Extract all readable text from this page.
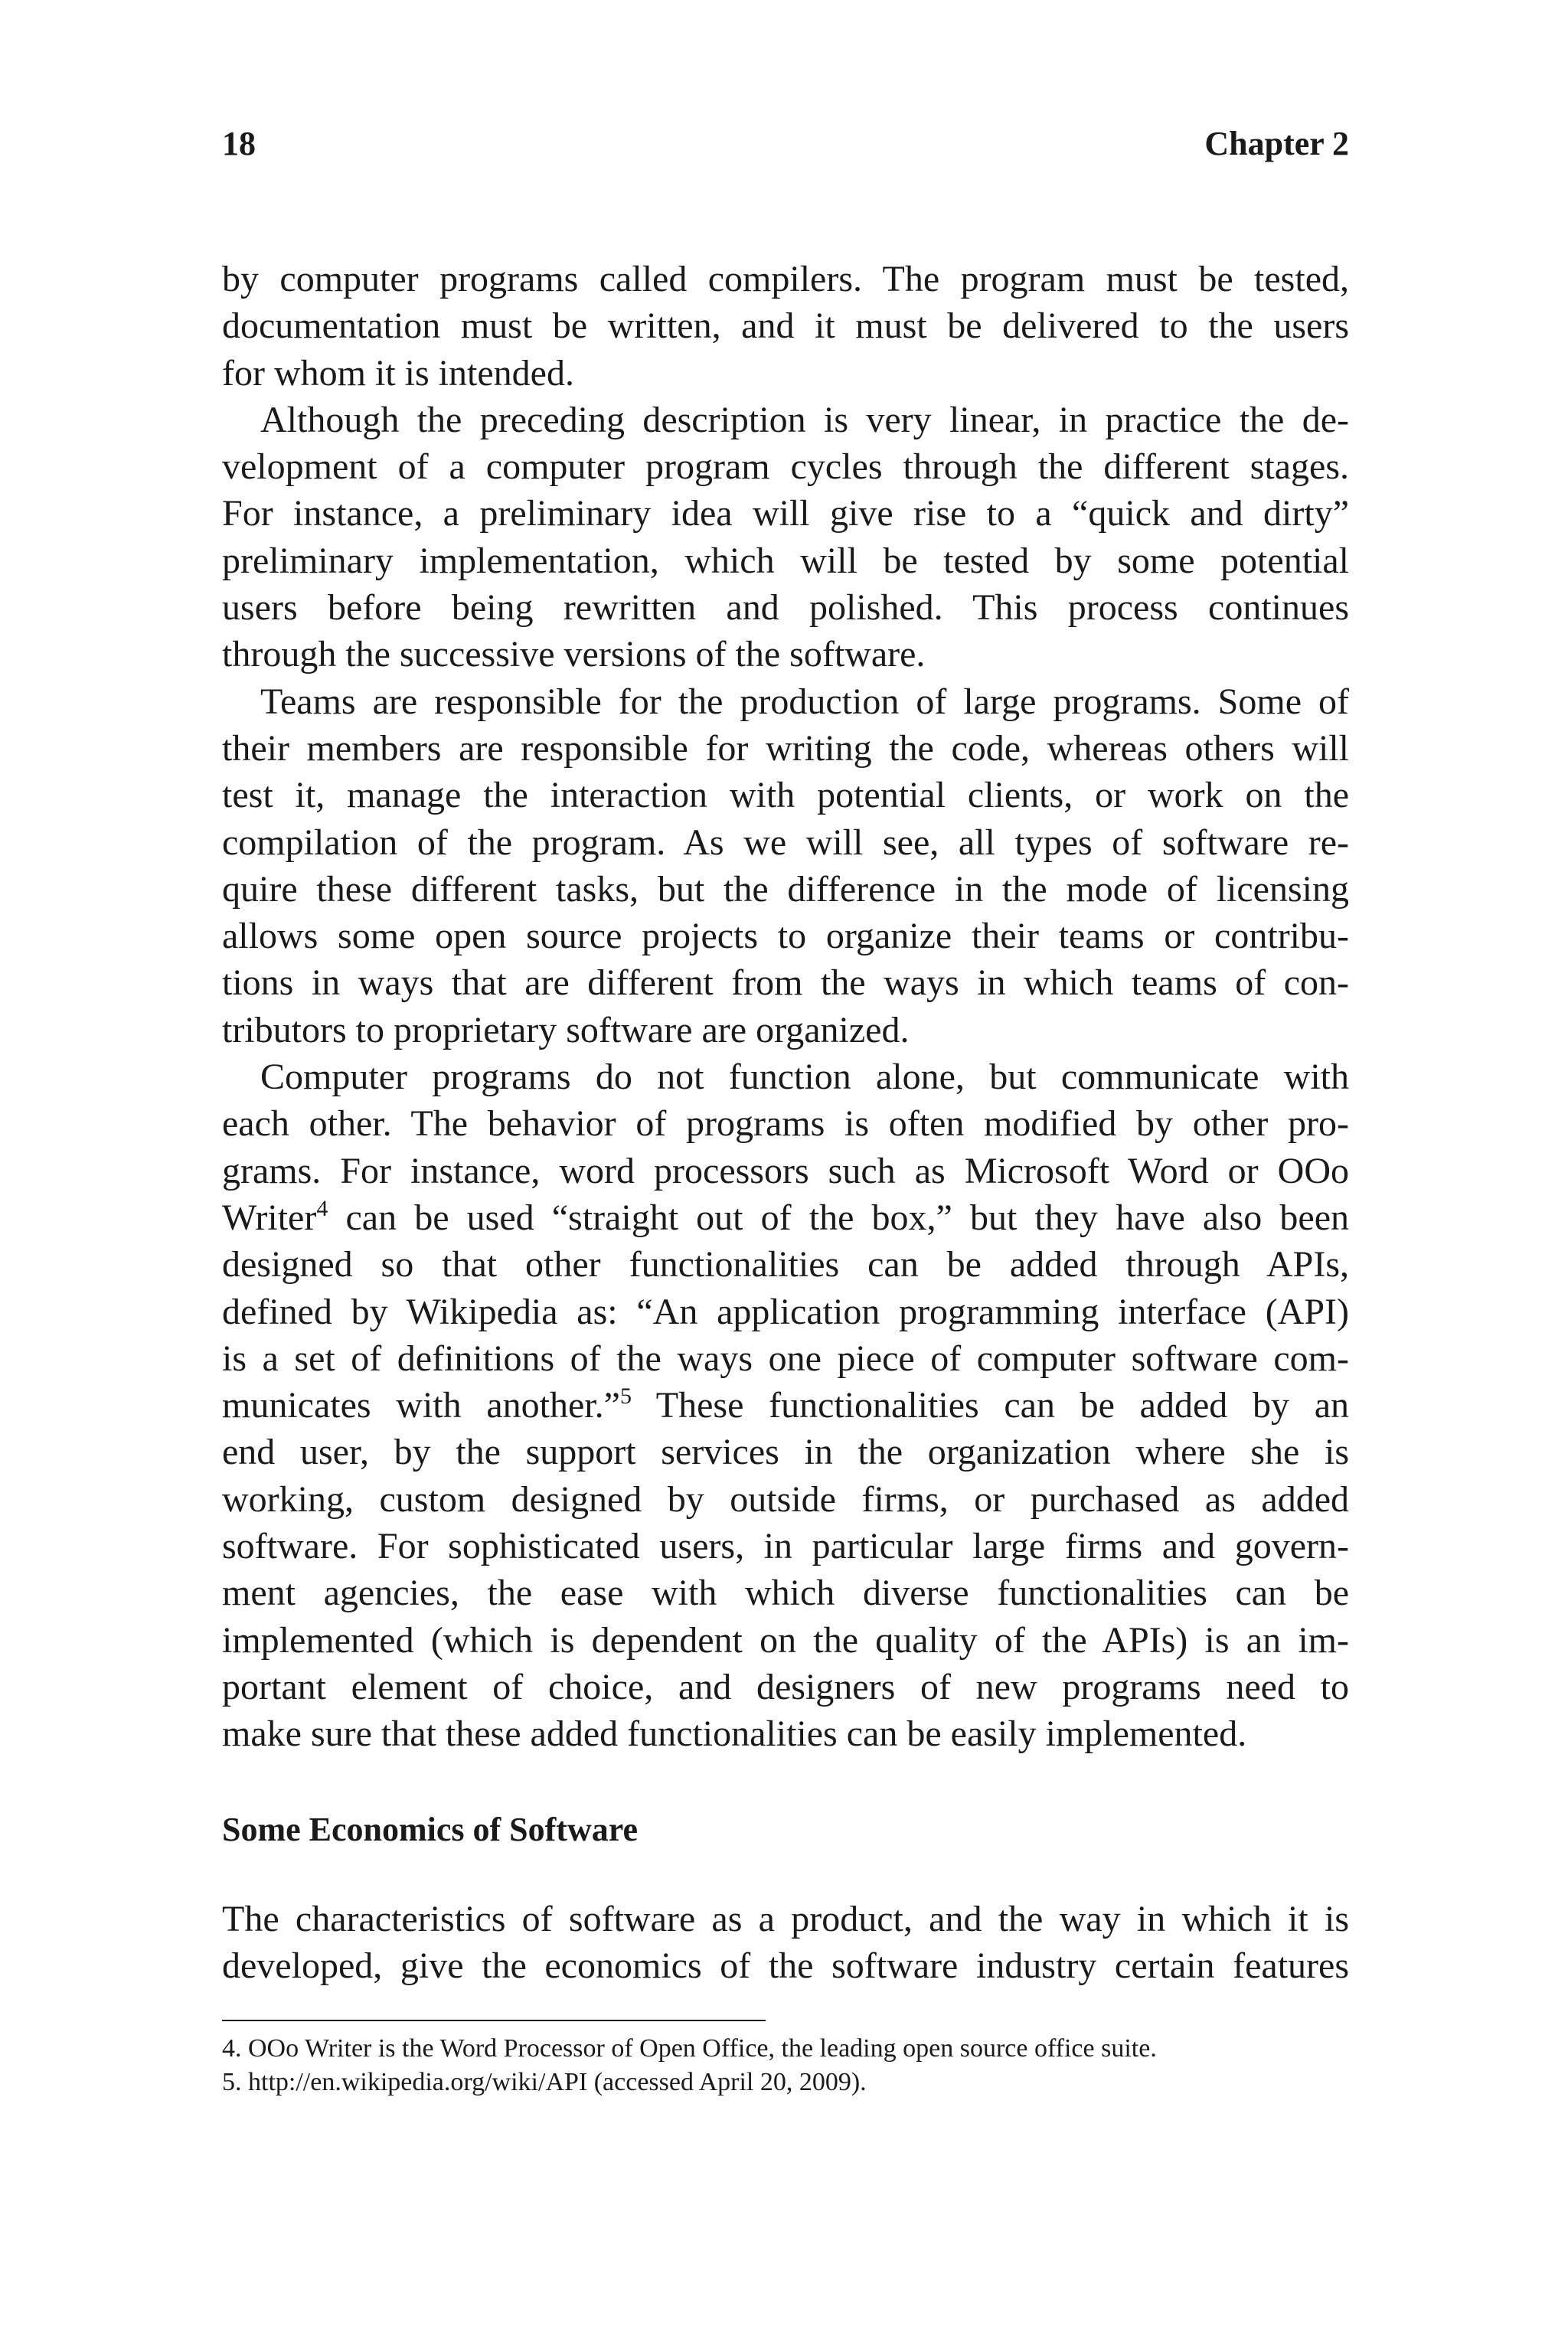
18	Chapter 2
by computer programs called compilers. The program must be tested,
documentation must be written, and it must be delivered to the users
for whom it is intended.
Although the preceding description is very linear, in practice the de-
velopment of a computer program cycles through the different stages.
For instance, a preliminary idea will give rise to a “quick and dirty”
preliminary implementation, which will be tested by some potential
users before being rewritten and polished. This process continues
through the successive versions of the software.
Teams are responsible for the production of large programs. Some of
their members are responsible for writing the code, whereas others will
test it, manage the interaction with potential clients, or work on the
compilation of the program. As we will see, all types of software re-
quire these different tasks, but the difference in the mode of licensing
allows some open source projects to organize their teams or contribu-
tions in ways that are different from the ways in which teams of con-
tributors to proprietary software are organized.
Computer programs do not function alone, but communicate with
each other. The behavior of programs is often modified by other pro-
grams. For instance, word processors such as Microsoft Word or OOo
Writer$^4$ can be used “straight out of the box,” but they have also been
designed so that other functionalities can be added through APIs,
defined by Wikipedia as: “An application programming interface (API)
is a set of definitions of the ways one piece of computer software com-
municates with another.”$^5$ These functionalities can be added by an
end user, by the support services in the organization where she is
working, custom designed by outside firms, or purchased as added
software. For sophisticated users, in particular large firms and govern-
ment agencies, the ease with which diverse functionalities can be
implemented (which is dependent on the quality of the APIs) is an im-
portant element of choice, and designers of new programs need to
make sure that these added functionalities can be easily implemented.
Some Economics of Software
The characteristics of software as a product, and the way in which it is
developed, give the economics of the software industry certain features
4. OOo Writer is the Word Processor of Open Office, the leading open source office suite.
5. http://en.wikipedia.org/wiki/API (accessed April 20, 2009).
